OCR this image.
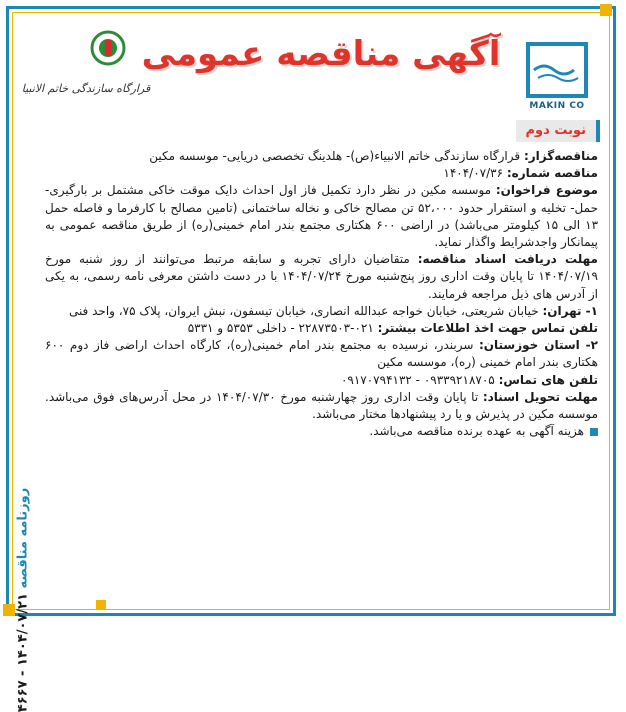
آگهی مناقصه عمومی
MAKIN CO
قرارگاه سازندگی خاتم الانبیا
نوبت دوم
روزنامه مناقصه ۱۴۰۴/۰۷/۲۱ - ۴۶۶۷

مناقصه‌گزار: قرارگاه سازندگی خاتم الانبیاء(ص)- هلدینگ تخصصی دریایی- موسسه مکین

مناقصه شماره: ۱۴۰۴/۰۷/۳۶

موضوع فراخوان: موسسه مکین در نظر دارد تکمیل فاز اول احداث دایک موقت خاکی مشتمل بر بارگیری- حمل- تخلیه و استقرار حدود ۵۲،۰۰۰ تن مصالح خاکی و نخاله ساختمانی (تامین مصالح با کارفرما و فاصله حمل ۱۳ الی ۱۵ کیلومتر می‌باشد) در اراضی ۶۰۰ هکتاری مجتمع بندر امام خمینی(ره) از طریق مناقصه عمومی به پیمانکار واجدشرایط واگذار نماید.

مهلت دریافت اسناد مناقصه: متقاضیان دارای تجربه و سابقه مرتبط می‌توانند از روز شنبه مورخ ۱۴۰۴/۰۷/۱۹ تا پایان وقت اداری روز پنج‌شنبه مورخ ۱۴۰۴/۰۷/۲۴ با در دست داشتن معرفی نامه رسمی، به یکی از آدرس های ذیل مراجعه فرمایند.

۱- تهران: خیابان شریعتی، خیابان خواجه عبدالله انصاری، خیابان تیسفون، نبش ایروان، پلاک ۷۵، واحد فنی

تلفن تماس جهت اخذ اطلاعات بیشتر: ۰۲۱-۲۲۸۷۳۵۰۳ - داخلی ۵۳۵۳ و ۵۳۳۱

۲- استان خوزستان: سربندر، نرسیده به مجتمع بندر امام خمینی(ره)، کارگاه احداث اراضی فاز دوم ۶۰۰ هکتاری بندر امام خمینی (ره)، موسسه مکین

تلفن های تماس: ۰۹۳۳۹۲۱۸۷۰۵ - ۰۹۱۷۰۷۹۴۱۳۲

مهلت تحویل اسناد: تا پایان وقت اداری روز چهارشنبه مورخ ۱۴۰۴/۰۷/۳۰ در محل آدرس‌های فوق می‌باشد. موسسه مکین در پذیرش و یا رد پیشنهادها مختار می‌باشد.

هزینه آگهی به عهده برنده مناقصه می‌باشد.
